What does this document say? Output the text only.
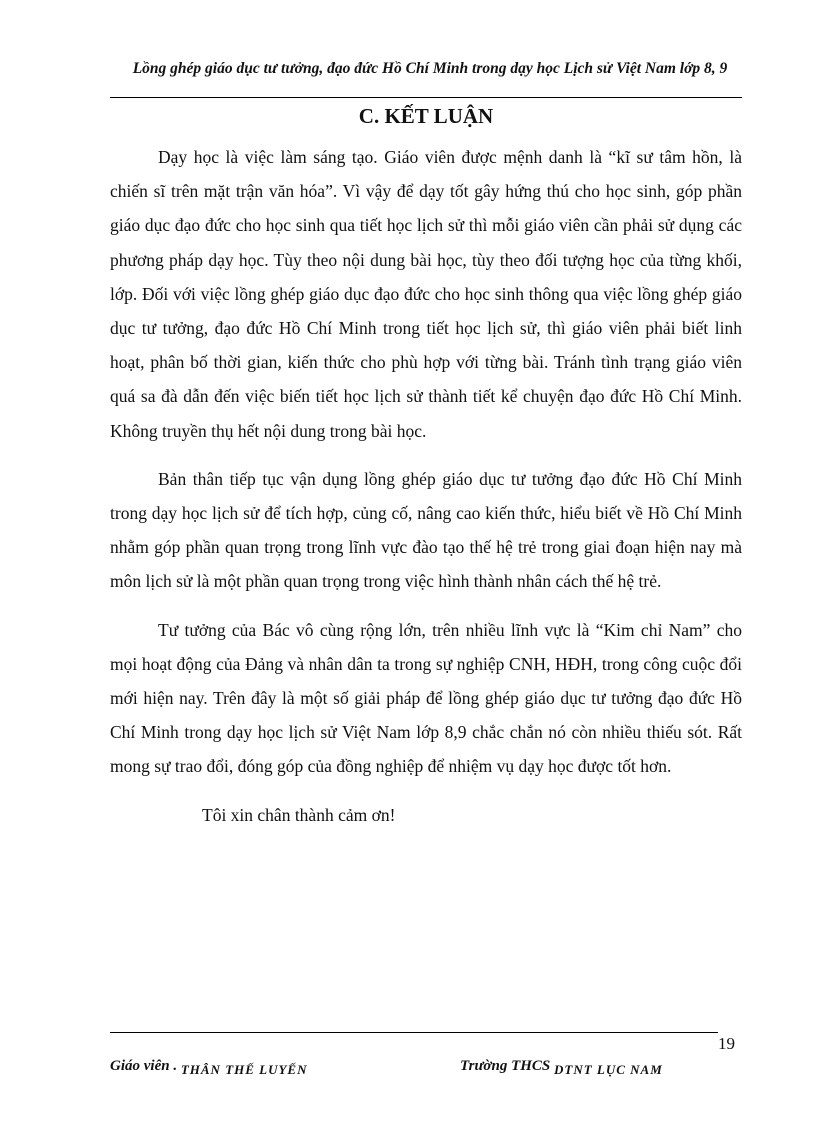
Lồng ghép giáo dục tư tưởng, đạo đức Hồ Chí Minh trong dạy học Lịch sử Việt Nam lớp 8, 9
C. KẾT LUẬN

Dạy học là việc làm sáng tạo. Giáo viên được mệnh danh là “kĩ sư tâm hồn, là chiến sĩ trên mặt trận văn hóa”. Vì vậy để dạy tốt gây hứng thú cho học sinh, góp phần giáo dục đạo đức cho học sinh qua tiết học lịch sử thì mỗi giáo viên cần phải sử dụng các phương pháp dạy học. Tùy theo nội dung bài học, tùy theo đối tượng học của từng khối, lớp. Đối với việc lồng ghép giáo dục đạo đức cho học sinh thông qua việc lồng ghép giáo dục tư tưởng, đạo đức Hồ Chí Minh trong tiết học lịch sử, thì giáo viên phải biết linh hoạt, phân bố thời gian, kiến thức cho phù hợp với từng bài. Tránh tình trạng giáo viên quá sa đà dẫn đến việc biến tiết học lịch sử thành tiết kể chuyện đạo đức Hồ Chí Minh. Không truyền thụ hết nội dung trong bài học.

Bản thân tiếp tục vận dụng lồng ghép giáo dục tư tưởng đạo đức Hồ Chí Minh trong dạy học lịch sử để tích hợp, củng cố, nâng cao kiến thức, hiểu biết về Hồ Chí Minh nhằm góp phần quan trọng trong lĩnh vực đào tạo thế hệ trẻ trong giai đoạn hiện nay mà môn lịch sử là một phần quan trọng trong việc hình thành nhân cách thế hệ trẻ.

Tư tưởng của Bác vô cùng rộng lớn, trên nhiều lĩnh vực là “Kim chỉ Nam” cho mọi hoạt động của Đảng và nhân dân ta trong sự nghiệp CNH, HĐH, trong công cuộc đổi mới hiện nay. Trên đây là một số giải pháp để lồng ghép giáo dục tư tưởng đạo đức Hồ Chí Minh trong dạy học lịch sử Việt Nam lớp 8,9 chắc chắn nó còn nhiều thiếu sót. Rất mong sự trao đổi, đóng góp của đồng nghiệp để nhiệm vụ dạy học được tốt hơn.

Tôi xin chân thành cảm ơn!

19
Giáo viên . THÂN THẾ LUYẾN	Trường THCS DTNT LỤC NAM
